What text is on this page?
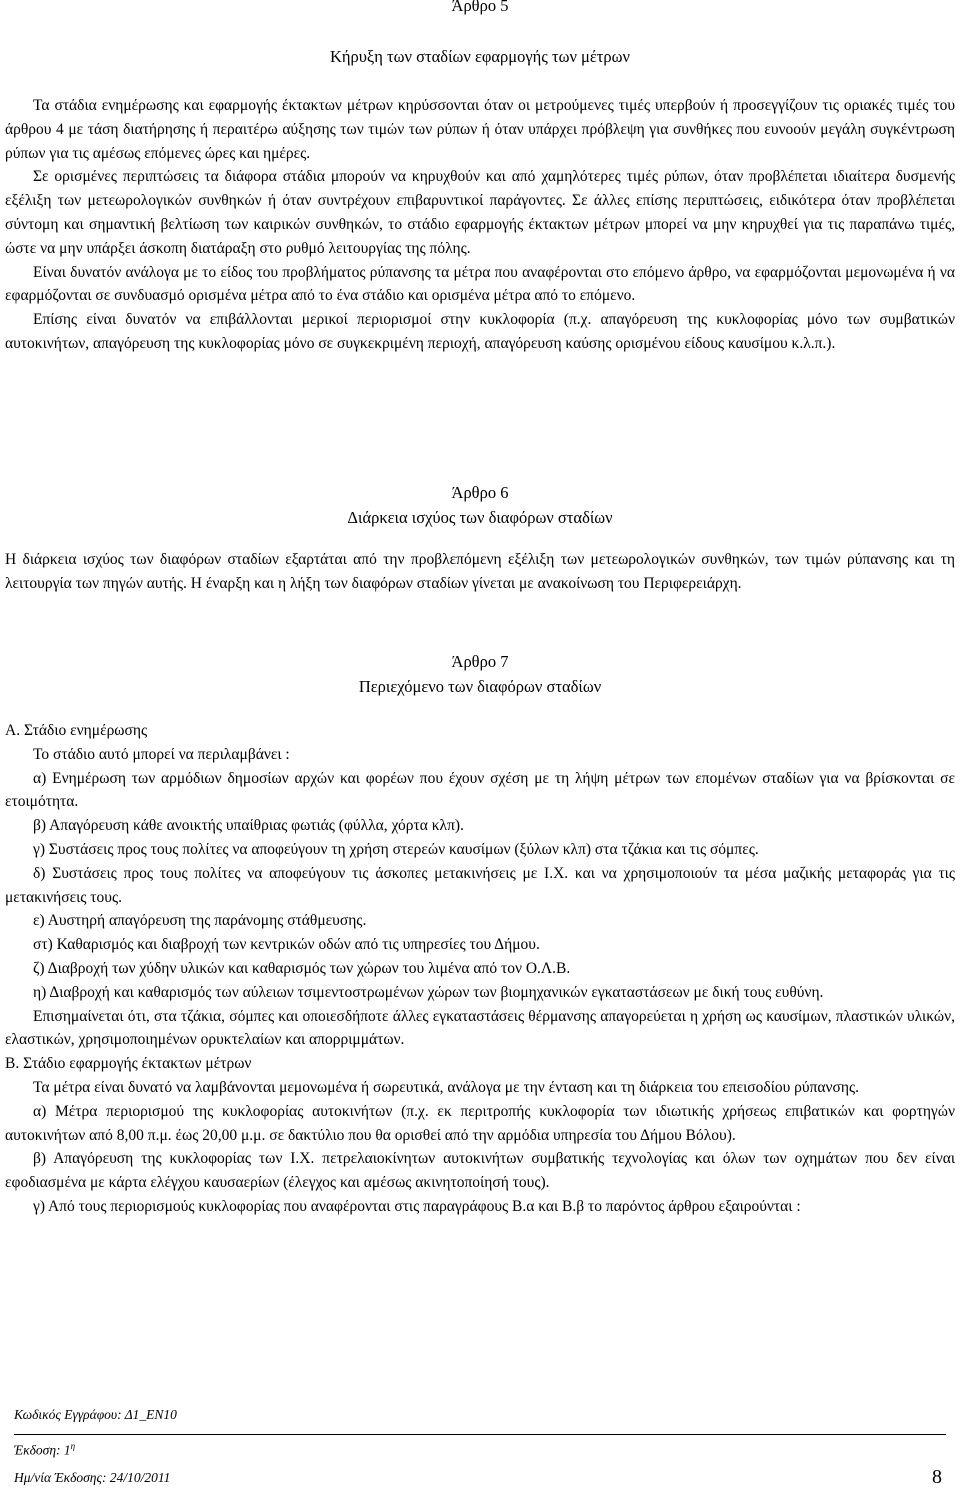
Άρθρο 5

Κήρυξη των σταδίων εφαρμογής των μέτρων

Τα στάδια ενημέρωσης και εφαρμογής έκτακτων μέτρων κηρύσσονται όταν οι μετρούμενες τιμές υπερβούν ή προσεγγίζουν τις οριακές τιμές του άρθρου 4 με τάση διατήρησης ή περαιτέρω αύξησης των τιμών των ρύπων ή όταν υπάρχει πρόβλεψη για συνθήκες που ευνοούν μεγάλη συγκέντρωση ρύπων για τις αμέσως επόμενες ώρες και ημέρες.

Σε ορισμένες περιπτώσεις τα διάφορα στάδια μπορούν να κηρυχθούν και από χαμηλότερες τιμές ρύπων, όταν προβλέπεται ιδιαίτερα δυσμενής εξέλιξη των μετεωρολογικών συνθηκών ή όταν συντρέχουν επιβαρυντικοί παράγοντες. Σε άλλες επίσης περιπτώσεις, ειδικότερα όταν προβλέπεται σύντομη και σημαντική βελτίωση των καιρικών συνθηκών, το στάδιο εφαρμογής έκτακτων μέτρων μπορεί να μην κηρυχθεί για τις παραπάνω τιμές, ώστε να μην υπάρξει άσκοπη διατάραξη στο ρυθμό λειτουργίας της πόλης.

Είναι δυνατόν ανάλογα με το είδος του προβλήματος ρύπανσης τα μέτρα που αναφέρονται στο επόμενο άρθρο, να εφαρμόζονται μεμονωμένα ή να εφαρμόζονται σε συνδυασμό ορισμένα μέτρα από το ένα στάδιο και ορισμένα μέτρα από το επόμενο.

Επίσης είναι δυνατόν να επιβάλλονται μερικοί περιορισμοί στην κυκλοφορία (π.χ. απαγόρευση της κυκλοφορίας μόνο των συμβατικών αυτοκινήτων, απαγόρευση της κυκλοφορίας μόνο σε συγκεκριμένη περιοχή, απαγόρευση καύσης ορισμένου είδους καυσίμου κ.λ.π.).

Άρθρο 6

Διάρκεια ισχύος των διαφόρων σταδίων

Η διάρκεια ισχύος των διαφόρων σταδίων εξαρτάται από την προβλεπόμενη εξέλιξη των μετεωρολογικών συνθηκών, των τιμών ρύπανσης και τη λειτουργία των πηγών αυτής. Η έναρξη και η λήξη των διαφόρων σταδίων γίνεται με ανακοίνωση του Περιφερειάρχη.

Άρθρο 7

Περιεχόμενο των διαφόρων σταδίων

Α. Στάδιο ενημέρωσης

Το στάδιο αυτό μπορεί να περιλαμβάνει :

α) Ενημέρωση των αρμόδιων δημοσίων αρχών και φορέων που έχουν σχέση με τη λήψη μέτρων των επομένων σταδίων για να βρίσκονται σε ετοιμότητα.

β) Απαγόρευση κάθε ανοικτής υπαίθριας φωτιάς (φύλλα, χόρτα κλπ).

γ) Συστάσεις προς τους πολίτες να αποφεύγουν τη χρήση στερεών καυσίμων (ξύλων κλπ) στα τζάκια και τις σόμπες.

δ) Συστάσεις προς τους πολίτες να αποφεύγουν τις άσκοπες μετακινήσεις με Ι.Χ. και να χρησιμοποιούν τα μέσα μαζικής μεταφοράς για τις μετακινήσεις τους.

ε) Αυστηρή απαγόρευση της παράνομης στάθμευσης.

στ) Καθαρισμός και διαβροχή των κεντρικών οδών από τις υπηρεσίες του Δήμου.

ζ) Διαβροχή των χύδην υλικών και καθαρισμός των χώρων του λιμένα από τον Ο.Λ.Β.

η) Διαβροχή και καθαρισμός των αύλειων τσιμεντοστρωμένων χώρων των βιομηχανικών εγκαταστάσεων με δική τους ευθύνη.

Επισημαίνεται ότι, στα τζάκια, σόμπες και οποιεσδήποτε άλλες εγκαταστάσεις θέρμανσης απαγορεύεται η χρήση ως καυσίμων, πλαστικών υλικών, ελαστικών, χρησιμοποιημένων ορυκτελαίων και απορριμμάτων.

Β. Στάδιο εφαρμογής έκτακτων μέτρων

Τα μέτρα είναι δυνατό να λαμβάνονται μεμονωμένα ή σωρευτικά, ανάλογα με την ένταση και τη διάρκεια του επεισοδίου ρύπανσης.

α) Μέτρα περιορισμού της κυκλοφορίας αυτοκινήτων (π.χ. εκ περιτροπής κυκλοφορία των ιδιωτικής χρήσεως επιβατικών και φορτηγών αυτοκινήτων από 8,00 π.μ. έως 20,00 μ.μ. σε δακτύλιο που θα ορισθεί από την αρμόδια υπηρεσία του Δήμου Βόλου).

β) Απαγόρευση της κυκλοφορίας των Ι.Χ. πετρελαιοκίνητων αυτοκινήτων συμβατικής τεχνολογίας και όλων των οχημάτων που δεν είναι εφοδιασμένα με κάρτα ελέγχου καυσαερίων (έλεγχος και αμέσως ακινητοποίησή τους).

γ) Από τους περιορισμούς κυκλοφορίας που αναφέρονται στις παραγράφους Β.α και Β.β το παρόντος άρθρου εξαιρούνται :

Κωδικός Εγγράφου: Δ1_ΕΝ10
Έκδοση: $1^\eta$
Ημ/νία Έκδοσης: 24/10/2011	8
